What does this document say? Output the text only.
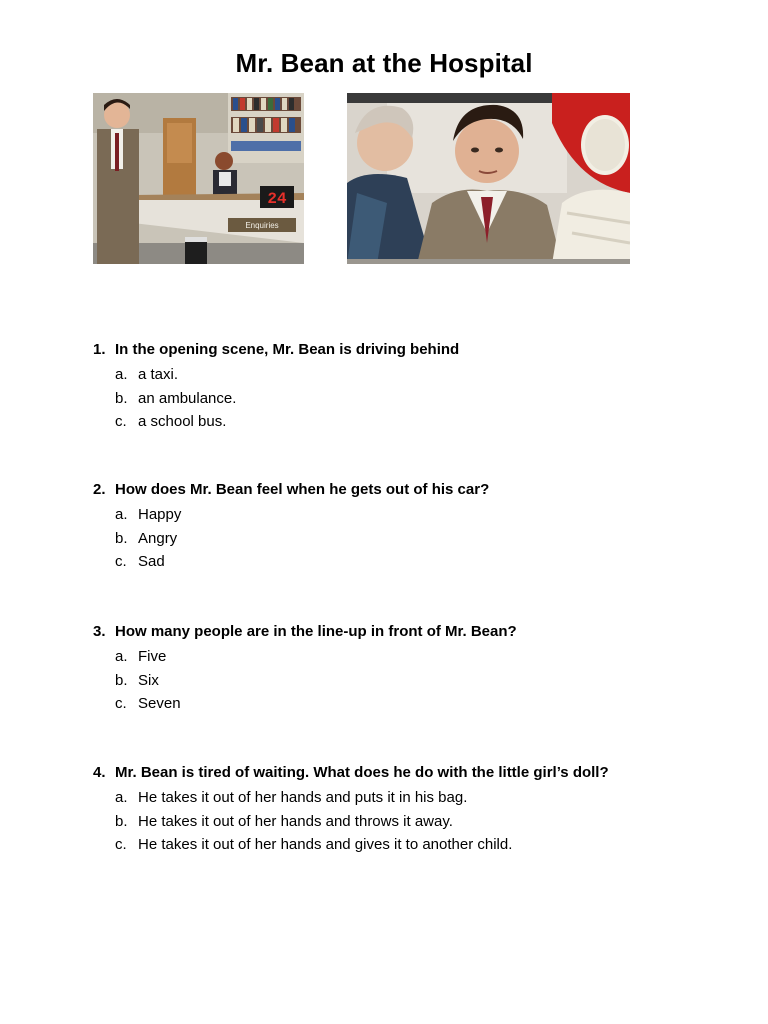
Mr. Bean at the Hospital
Enquiries
24
1. In the opening scene, Mr. Bean is driving behind
a. a taxi.
b. an ambulance.
c. a school bus.
2. How does Mr. Bean feel when he gets out of his car?
a. Happy
b. Angry
c. Sad
3. How many people are in the line-up in front of Mr. Bean?
a. Five
b. Six
c. Seven
4. Mr. Bean is tired of waiting. What does he do with the little girl’s doll?
a. He takes it out of her hands and puts it in his bag.
b. He takes it out of her hands and throws it away.
c. He takes it out of her hands and gives it to another child.
